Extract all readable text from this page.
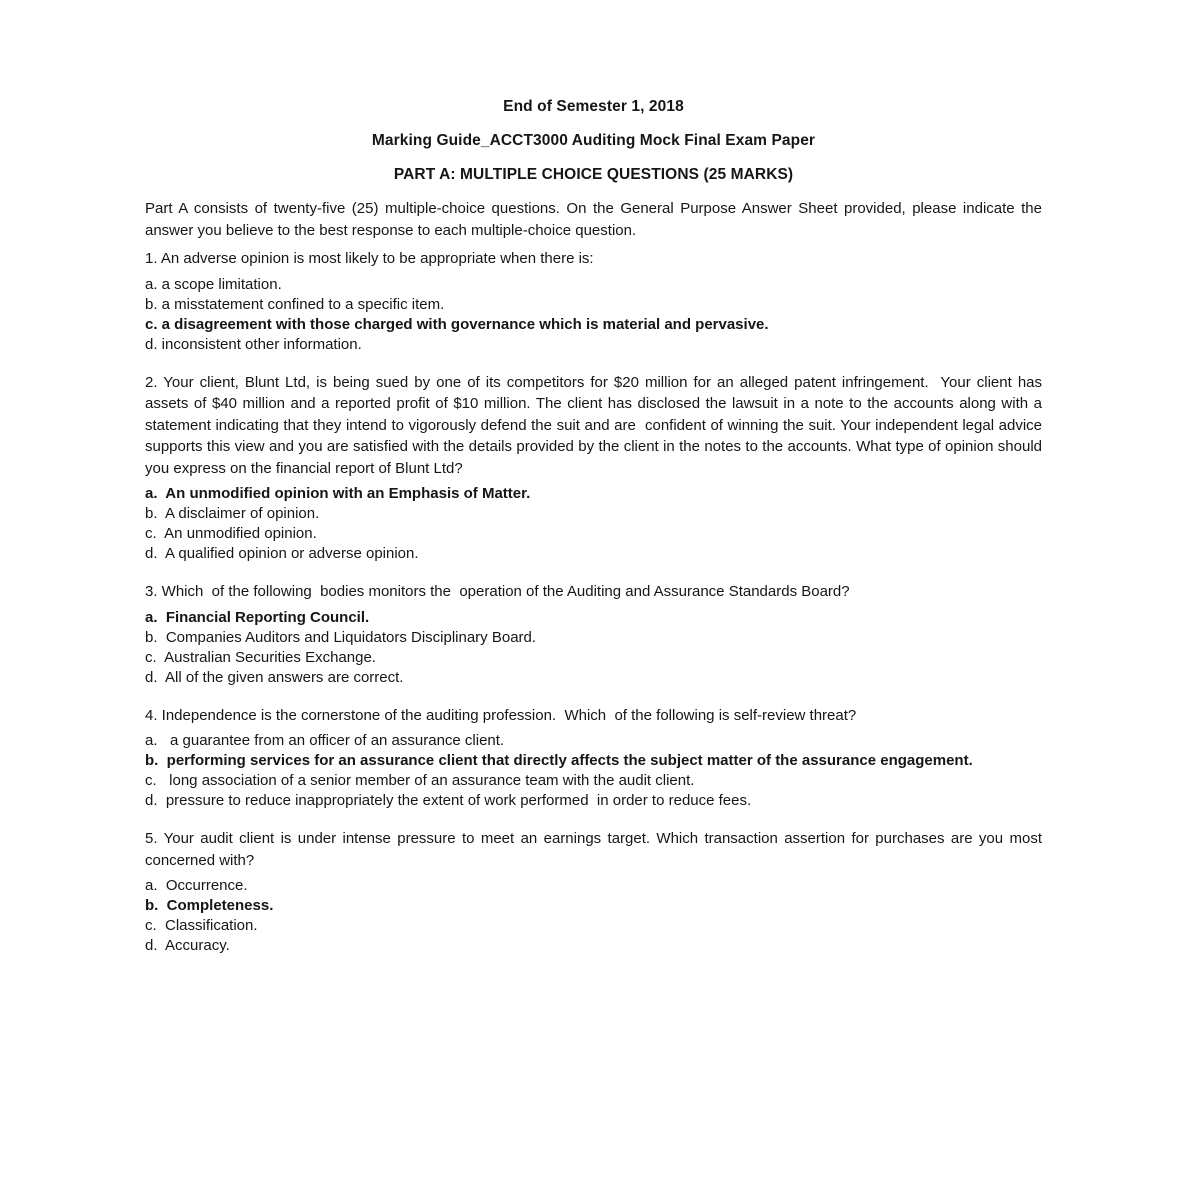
End of Semester 1, 2018
Marking Guide_ACCT3000 Auditing Mock Final Exam Paper
PART A: MULTIPLE CHOICE QUESTIONS (25 MARKS)

Part A consists of twenty-five (25) multiple-choice questions. On the General Purpose Answer Sheet provided, please indicate the answer you believe to the best response to each multiple-choice question.

1. An adverse opinion is most likely to be appropriate when there is:

a. a scope limitation.

b. a misstatement confined to a specific item.

c. a disagreement with those charged with governance which is material and pervasive.

d. inconsistent other information.

2. Your client, Blunt Ltd, is being sued by one of its competitors for $20 million for an alleged patent infringement.  Your client has assets of $40 million and a reported profit of $10 million. The client has disclosed the lawsuit in a note to the accounts along with a statement indicating that they intend to vigorously defend the suit and are  confident of winning the suit. Your independent legal advice supports this view and you are satisfied with the details provided by the client in the notes to the accounts. What type of opinion should you express on the financial report of Blunt Ltd?

a.  An unmodified opinion with an Emphasis of Matter.

b.  A disclaimer of opinion.

c.  An unmodified opinion.

d.  A qualified opinion or adverse opinion.

3. Which  of the following  bodies monitors the  operation of the Auditing and Assurance Standards Board?

a.  Financial Reporting Council.

b.  Companies Auditors and Liquidators Disciplinary Board.

c.  Australian Securities Exchange.

d.  All of the given answers are correct.

4. Independence is the cornerstone of the auditing profession.  Which  of the following is self-review threat?

a.   a guarantee from an officer of an assurance client.

b.  performing services for an assurance client that directly affects the subject matter of the assurance engagement.

c.   long association of a senior member of an assurance team with the audit client.

d.  pressure to reduce inappropriately the extent of work performed  in order to reduce fees.

5. Your audit client is under intense pressure to meet an earnings target. Which transaction assertion for purchases are you most concerned with?

a.  Occurrence.

b.  Completeness.

c.  Classification.

d.  Accuracy.
